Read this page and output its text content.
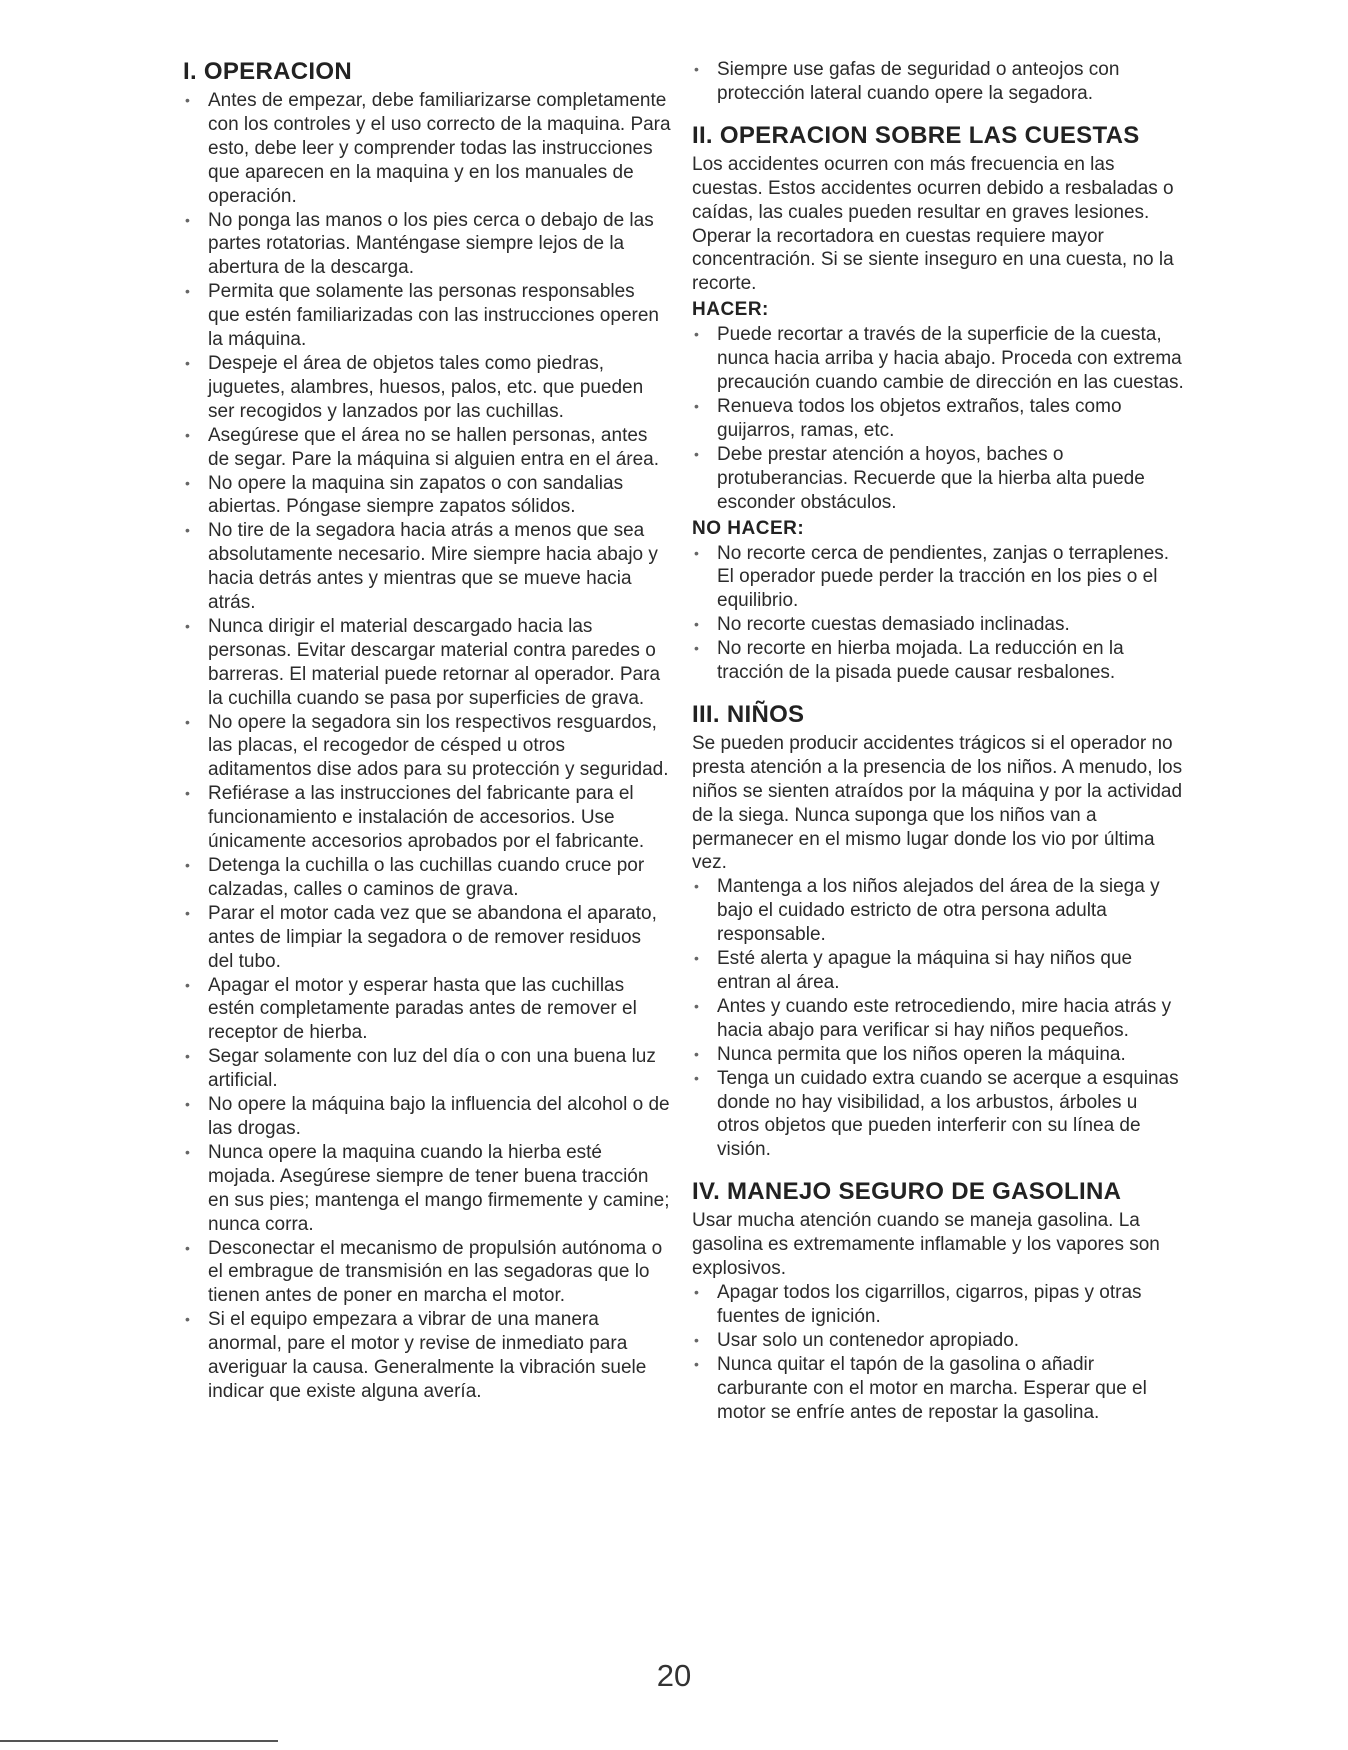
I. OPERACION
• Antes de empezar, debe familiarizarse completamente con los controles y el uso correcto de la maquina. Para esto, debe leer y comprender todas las instrucciones que aparecen en la maquina y en los manuales de operación.
• No ponga las manos o los pies cerca o debajo de las partes rotatorias. Manténgase siempre lejos de la abertura de la descarga.
• Permita que solamente las personas responsables que estén familiarizadas con las instrucciones operen la máquina.
• Despeje el área de objetos tales como piedras, juguetes, alambres, huesos, palos, etc. que pueden ser recogidos y lanzados por las cuchillas.
• Asegúrese que el área no se hallen personas, antes de segar. Pare la máquina si alguien entra en el área.
• No opere la maquina sin zapatos o con sandalias abiertas. Póngase siempre zapatos sólidos.
• No tire de la segadora hacia atrás a menos que sea absolutamente necesario. Mire siempre hacia abajo y hacia detrás antes y mientras que se mueve hacia atrás.
• Nunca dirigir el material descargado hacia las personas. Evitar descargar material contra paredes o barreras. El material puede retornar al operador. Para la cuchilla cuando se pasa por superficies de grava.
• No opere la segadora sin los respectivos resguardos, las placas, el recogedor de césped u otros aditamentos dise ados para su protección y seguridad.
• Refiérase a las instrucciones del fabricante para el funcionamiento e instalación de accesorios. Use únicamente accesorios aprobados por el fabricante.
• Detenga la cuchilla o las cuchillas cuando cruce por calzadas, calles o caminos de grava.
• Parar el motor cada vez que se abandona el aparato, antes de limpiar la segadora o de remover residuos del tubo.
• Apagar el motor y esperar hasta que las cuchillas estén completamente paradas antes de remover el receptor de hierba.
• Segar solamente con luz del día o con una buena luz artificial.
• No opere la máquina bajo la influencia del alcohol o de las drogas.
• Nunca opere la maquina cuando la hierba esté mojada. Asegúrese siempre de tener buena tracción en sus pies; mantenga el mango firmemente y camine; nunca corra.
• Desconectar el mecanismo de propulsión autónoma o el embrague de transmisión en las segadoras que lo tienen antes de poner en marcha el motor.
• Si el equipo empezara a vibrar de una manera anormal, pare el motor y revise de inmediato para averiguar la causa. Generalmente la vibración suele indicar que existe alguna avería.
• Siempre use gafas de seguridad o anteojos con protección lateral cuando opere la segadora.
II. OPERACION SOBRE LAS CUESTAS

Los accidentes ocurren con más frecuencia en las cuestas. Estos accidentes ocurren debido a resbaladas o caídas, las cuales pueden resultar en graves lesiones. Operar la recortadora en cuestas requiere mayor concentración. Si se siente inseguro en una cuesta, no la recorte.

HACER:
• Puede recortar a través de la superficie de la cuesta, nunca hacia arriba y hacia abajo. Proceda con extrema precaución cuando cambie de dirección en las cuestas.
• Renueva todos los objetos extraños, tales como guijarros, ramas, etc.
• Debe prestar atención a hoyos, baches o protuberancias. Recuerde que la hierba alta puede esconder obstáculos.
NO HACER:
• No recorte cerca de pendientes, zanjas o terraplenes. El operador puede perder la tracción en los pies o el equilibrio.
• No recorte cuestas demasiado inclinadas.
• No recorte en hierba mojada. La reducción en la tracción de la pisada puede causar resbalones.
III. NIÑOS

Se pueden producir accidentes trágicos si el operador no presta atención a la presencia de los niños. A menudo, los niños se sienten atraídos por la máquina y por la actividad de la siega. Nunca suponga que los niños van a permanecer en el mismo lugar donde los vio por última vez.

• Mantenga a los niños alejados del área de la siega y bajo el cuidado estricto de otra persona adulta responsable.
• Esté alerta y apague la máquina si hay niños que entran al área.
• Antes y cuando este retrocediendo, mire hacia atrás y hacia abajo para verificar si hay niños pequeños.
• Nunca permita que los niños operen la máquina.
• Tenga un cuidado extra cuando se acerque a esquinas donde no hay visibilidad, a los arbustos, árboles u otros objetos que pueden interferir con su línea de visión.
IV. MANEJO SEGURO DE GASOLINA

Usar mucha atención cuando se maneja gasolina. La gasolina es extremamente inflamable y los vapores son explosivos.

• Apagar todos los cigarrillos, cigarros, pipas y otras fuentes de ignición.
• Usar solo un contenedor apropiado.
• Nunca quitar el tapón de la gasolina o añadir carburante con el motor en marcha. Esperar que el motor se enfríe antes de repostar la gasolina.
20
